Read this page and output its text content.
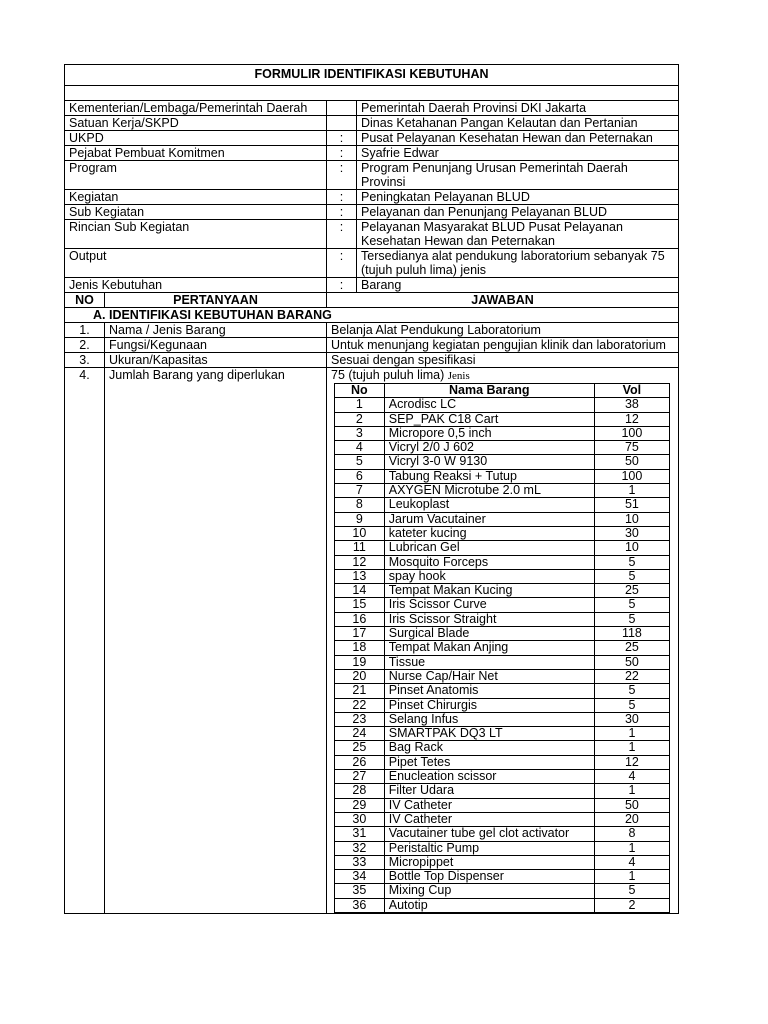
FORMULIR IDENTIFIKASI KEBUTUHAN

Kementerian/Lembaga/Pemerintah Daerah		Pemerintah Daerah Provinsi DKI Jakarta
Satuan Kerja/SKPD		Dinas Ketahanan Pangan Kelautan dan Pertanian
UKPD	:	Pusat Pelayanan Kesehatan Hewan dan Peternakan
Pejabat Pembuat Komitmen	:	Syafrie Edwar
Program	:	Program Penunjang Urusan Pemerintah Daerah Provinsi
Kegiatan	:	Peningkatan Pelayanan BLUD
Sub Kegiatan	:	Pelayanan dan Penunjang Pelayanan BLUD
Rincian Sub Kegiatan	:	Pelayanan Masyarakat BLUD Pusat Pelayanan Kesehatan Hewan dan Peternakan
Output	:	Tersedianya alat pendukung laboratorium sebanyak 75 (tujuh puluh lima) jenis
Jenis Kebutuhan	:	Barang
NO	PERTANYAAN	JAWABAN
A. IDENTIFIKASI KEBUTUHAN BARANG
1.	Nama / Jenis Barang	Belanja Alat Pendukung Laboratorium
2.	Fungsi/Kegunaan	Untuk menunjang kegiatan pengujian klinik dan laboratorium
3.	Ukuran/Kapasitas	Sesuai dengan spesifikasi
4.	Jumlah Barang yang diperlukan	75 (tujuh puluh lima) Jenis
No	Nama Barang	Vol
1	Acrodisc LC	38
2	SEP_PAK C18 Cart	12
3	Micropore 0,5 inch	100
4	Vicryl 2/0 J 602	75
5	Vicryl 3-0 W 9130	50
6	Tabung Reaksi + Tutup	100
7	AXYGEN Microtube 2.0 mL	1
8	Leukoplast	51
9	Jarum Vacutainer	10
10	kateter kucing	30
11	Lubrican Gel	10
12	Mosquito Forceps	5
13	spay hook	5
14	Tempat Makan Kucing	25
15	Iris Scissor Curve	5
16	Iris Scissor Straight	5
17	Surgical Blade	118
18	Tempat Makan Anjing	25
19	Tissue	50
20	Nurse Cap/Hair Net	22
21	Pinset Anatomis	5
22	Pinset Chirurgis	5
23	Selang Infus	30
24	SMARTPAK DQ3 LT	1
25	Bag Rack	1
26	Pipet Tetes	12
27	Enucleation scissor	4
28	Filter Udara	1
29	IV Catheter	50
30	IV Catheter	20
31	Vacutainer tube gel clot activator	8
32	Peristaltic Pump	1
33	Micropippet	4
34	Bottle Top Dispenser	1
35	Mixing Cup	5
36	Autotip	2
